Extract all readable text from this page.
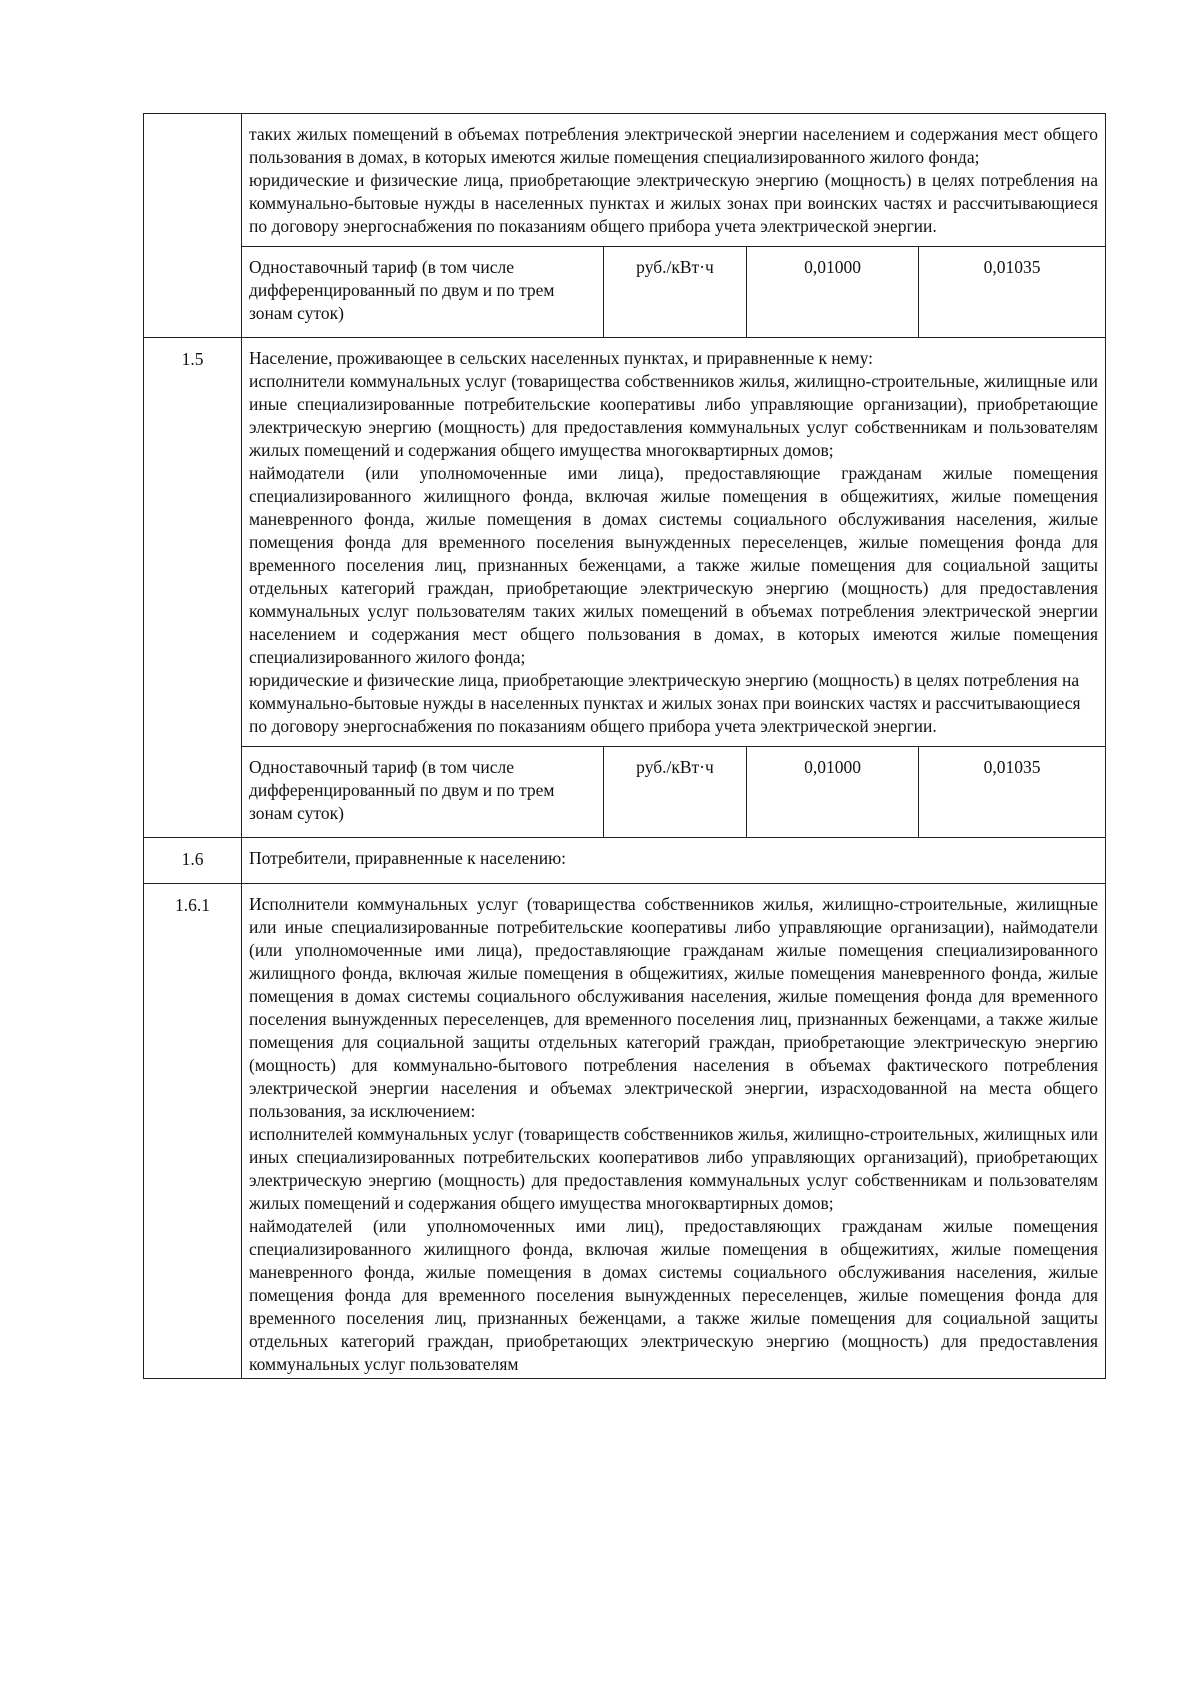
	таких жилых помещений в объемах потребления электрической энергии населением и содержания мест общего пользования в домах, в которых имеются жилые помещения специализированного жилого фонда;

юридические и физические лица, приобретающие электрическую энергию (мощность) в целях потребления на коммунально-бытовые нужды в населенных пунктах и жилых зонах при воинских частях и рассчитывающиеся по договору энергоснабжения по показаниям общего прибора учета электрической энергии.			

	Одноставочный тариф (в том числе дифференцированный по двум и по трем зонам суток)	руб./кВт·ч	0,01000	0,01035
1.5	Население, проживающее в сельских населенных пунктах, и приравненные к нему:

исполнители коммунальных услуг (товарищества собственников жилья, жилищно-строительные, жилищные или иные специализированные потребительские кооперативы либо управляющие организации), приобретающие электрическую энергию (мощность) для предоставления коммунальных услуг собственникам и пользователям жилых помещений и содержания общего имущества многоквартирных домов;

наймодатели (или уполномоченные ими лица), предоставляющие гражданам жилые помещения специализированного жилищного фонда, включая жилые помещения в общежитиях, жилые помещения маневренного фонда, жилые помещения в домах системы социального обслуживания населения, жилые помещения фонда для временного поселения вынужденных переселенцев, жилые помещения фонда для временного поселения лиц, признанных беженцами, а также жилые помещения для социальной защиты отдельных категорий граждан, приобретающие электрическую энергию (мощность) для предоставления коммунальных услуг пользователям таких жилых помещений в объемах потребления электрической энергии населением и содержания мест общего пользования в домах, в которых имеются жилые помещения специализированного жилого фонда;

юридические и физические лица, приобретающие электрическую энергию (мощность) в целях потребления на коммунально-бытовые нужды в населенных пунктах и жилых зонах при воинских частях и рассчитывающиеся по договору энергоснабжения по показаниям общего прибора учета электрической энергии.			

	Одноставочный тариф (в том числе дифференцированный по двум и по трем зонам суток)	руб./кВт·ч	0,01000	0,01035
1.6	Потребители, приравненные к населению:			
1.6.1	Исполнители коммунальных услуг (товарищества собственников жилья, жилищно-строительные, жилищные или иные специализированные потребительские кооперативы либо управляющие организации), наймодатели (или уполномоченные ими лица), предоставляющие гражданам жилые помещения специализированного жилищного фонда, включая жилые помещения в общежитиях, жилые помещения маневренного фонда, жилые помещения в домах системы социального обслуживания населения, жилые помещения фонда для временного поселения вынужденных переселенцев, для временного поселения лиц, признанных беженцами, а также жилые помещения для социальной защиты отдельных категорий граждан, приобретающие электрическую энергию (мощность) для коммунально-бытового потребления населения в объемах фактического потребления электрической энергии населения и объемах электрической энергии, израсходованной на места общего пользования, за исключением:

исполнителей коммунальных услуг (товариществ собственников жилья, жилищно-строительных, жилищных или иных специализированных потребительских кооперативов либо управляющих организаций), приобретающих электрическую энергию (мощность) для предоставления коммунальных услуг собственникам и пользователям жилых помещений и содержания общего имущества многоквартирных домов;

наймодателей (или уполномоченных ими лиц), предоставляющих гражданам жилые помещения специализированного жилищного фонда, включая жилые помещения в общежитиях, жилые помещения маневренного фонда, жилые помещения в домах системы социального обслуживания населения, жилые помещения фонда для временного поселения вынужденных переселенцев, жилые помещения фонда для временного поселения лиц, признанных беженцами, а также жилые помещения для социальной защиты отдельных категорий граждан, приобретающих электрическую энергию (мощность) для предоставления коммунальных услуг пользователям			
